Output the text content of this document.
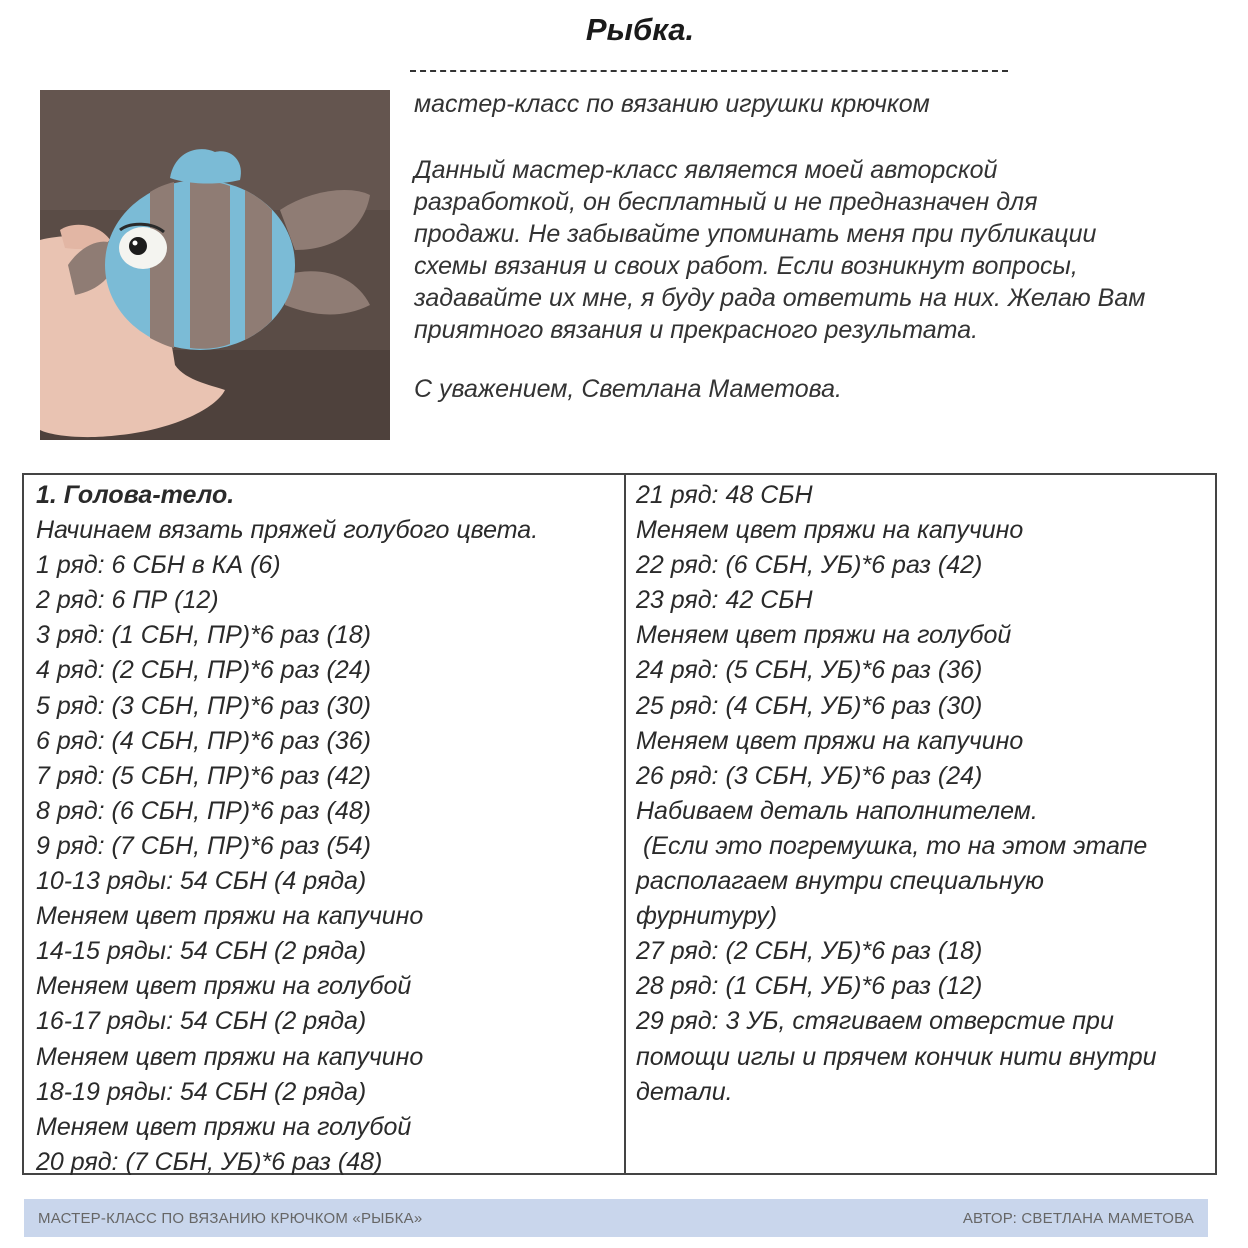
Рыбка.
мастер-класс по вязанию игрушки крючком
Данный мастер-класс является моей авторской
разработкой, он бесплатный и не предназначен для
продажи. Не забывайте упоминать меня при публикации
схемы вязания и своих работ. Если возникнут вопросы,
задавайте их мне, я буду рада ответить на них. Желаю Вам
приятного вязания и прекрасного результата.
С уважением, Светлана Маметова.
1. Голова-тело.
Начинаем вязать пряжей голубого цвета.
1 ряд: 6 СБН в КА (6)
2 ряд: 6 ПР (12)
3 ряд: (1 СБН, ПР)*6 раз (18)
4 ряд: (2 СБН, ПР)*6 раз (24)
5 ряд: (3 СБН, ПР)*6 раз (30)
6 ряд: (4 СБН, ПР)*6 раз (36)
7 ряд: (5 СБН, ПР)*6 раз (42)
8 ряд: (6 СБН, ПР)*6 раз (48)
9 ряд: (7 СБН, ПР)*6 раз (54)
10-13 ряды: 54 СБН (4 ряда)
Меняем цвет пряжи на капучино
14-15 ряды: 54 СБН (2 ряда)
Меняем цвет пряжи на голубой
16-17 ряды: 54 СБН (2 ряда)
Меняем цвет пряжи на капучино
18-19 ряды: 54 СБН (2 ряда)
Меняем цвет пряжи на голубой
20 ряд: (7 СБН, УБ)*6 раз (48)
21 ряд: 48 СБН
Меняем цвет пряжи на капучино
22 ряд: (6 СБН, УБ)*6 раз (42)
23 ряд: 42 СБН
Меняем цвет пряжи на голубой
24 ряд: (5 СБН, УБ)*6 раз (36)
25 ряд: (4 СБН, УБ)*6 раз (30)
Меняем цвет пряжи на капучино
26 ряд: (3 СБН, УБ)*6 раз (24)
Набиваем деталь наполнителем.
(Если это погремушка, то на этом этапе
располагаем внутри специальную
фурнитуру)
27 ряд: (2 СБН, УБ)*6 раз (18)
28 ряд: (1 СБН, УБ)*6 раз (12)
29 ряд: 3 УБ, стягиваем отверстие при
помощи иглы и прячем кончик нити внутри
детали.
МАСТЕР-КЛАСС ПО ВЯЗАНИЮ КРЮЧКОМ «РЫБКА»	АВТОР: СВЕТЛАНА МАМЕТОВА
